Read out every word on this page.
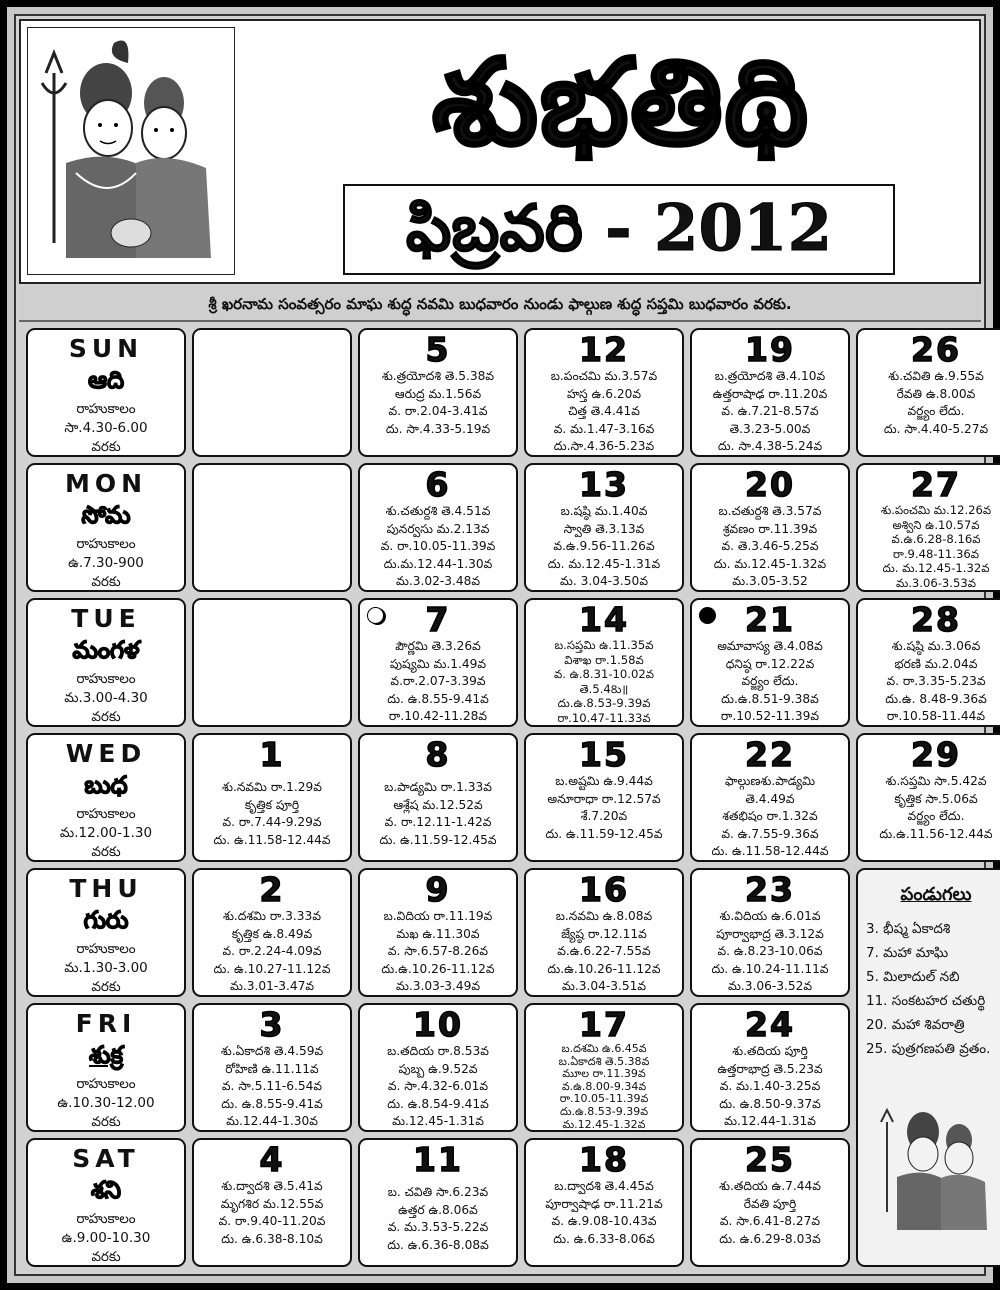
శుభతిథి
ఫిబ్రవరి - 2012
శ్రీ ఖరనామ సంవత్సరం మాఘ శుద్ధ నవమి బుధవారం నుండు ఫాల్గుణ శుద్ధ సప్తమి బుధవారం వరకు.
SUN
ఆది
రాహుకాలం
సా.4.30-6.00
వరకు
5
శు.త్రయోదశి తె.5.38వ
ఆరుద్ర మ.1.56వ
వ. రా.2.04-3.41వ
దు. సా.4.33-5.19వ
12
బ.పంచమి మ.3.57వ
హస్త ఉ.6.20వ
చిత్త తె.4.41వ
వ. మ.1.47-3.16వ
దు.సా.4.36-5.23వ
19
బ.త్రయోదశి తె.4.10వ
ఉత్తరాషాఢ రా.11.20వ
వ. ఉ.7.21-8.57వ
తె.3.23-5.00వ
దు. సా.4.38-5.24వ
26
శు.చవితి ఉ.9.55వ
రేవతి ఉ.8.00వ
వర్జ్యం లేదు.
దు. సా.4.40-5.27వ
MON
సోమ
రాహుకాలం
ఉ.7.30-900
వరకు
6
శు.చతుర్దశి తె.4.51వ
పునర్వసు మ.2.13వ
వ. రా.10.05-11.39వ
దు.మ.12.44-1.30వ
మ.3.02-3.48వ
13
బ.షష్ఠి మ.1.40వ
స్వాతి తె.3.13వ
వ.ఉ.9.56-11.26వ
దు. మ.12.45-1.31వ
మ. 3.04-3.50వ
20
బ.చతుర్దశి తె.3.57వ
శ్రవణం రా.11.39వ
వ. తె.3.46-5.25వ
దు. మ.12.45-1.32వ
మ.3.05-3.52
27
శు.పంచమి మ.12.26వ
అశ్విని ఉ.10.57వ
వ.ఉ.6.28-8.16వ
రా.9.48-11.36వ
దు. మ.12.45-1.32వ
మ.3.06-3.53వ
TUE
మంగళ
రాహుకాలం
మ.3.00-4.30
వరకు
7
పౌర్ణమి తె.3.26వ
పుష్యమి మ.1.49వ
వ.రా.2.07-3.39వ
దు. ఉ.8.55-9.41వ
రా.10.42-11.28వ
14
బ.సప్తమి ఉ.11.35వ
విశాఖ రా.1.58వ
వ. ఉ.8.31-10.02వ
తె.5.48ు॥
దు.ఉ.8.53-9.39వ
రా.10.47-11.33వ
21
అమావాస్య తె.4.08వ
ధనిష్ఠ రా.12.22వ
వర్జ్యం లేదు.
దు.ఉ.8.51-9.38వ
రా.10.52-11.39వ
28
శు.షష్ఠి మ.3.06వ
భరణి మ.2.04వ
వ. రా.3.35-5.23వ
దు.ఉ. 8.48-9.36వ
రా.10.58-11.44వ
WED
బుధ
రాహుకాలం
మ.12.00-1.30
వరకు
1
శు.నవమి రా.1.29వ
కృత్తిక పూర్తి
వ. రా.7.44-9.29వ
దు. ఉ.11.58-12.44వ
8
బ.పాడ్యమి రా.1.33వ
ఆశ్లేష మ.12.52వ
వ. రా.12.11-1.42వ
దు. ఉ.11.59-12.45వ
15
బ.అష్టమి ఉ.9.44వ
అనూరాధా రా.12.57వ
శే.7.20వ
దు. ఉ.11.59-12.45వ
22
ఫాల్గుణశు.పాడ్యమి
తె.4.49వ
శతభిషం రా.1.32వ
వ. ఉ.7.55-9.36వ
దు. ఉ.11.58-12.44వ
29
శు.సప్తమి సా.5.42వ
కృత్తిక సా.5.06వ
వర్జ్యం లేదు.
దు.ఉ.11.56-12.44వ
THU
గురు
రాహుకాలం
మ.1.30-3.00
వరకు
2
శు.దశమి రా.3.33వ
కృత్తిక ఉ.8.49వ
వ. రా.2.24-4.09వ
దు. ఉ.10.27-11.12వ
మ.3.01-3.47వ
9
బ.విదియ రా.11.19వ
మఖ ఉ.11.30వ
వ. సా.6.57-8.26వ
దు.ఉ.10.26-11.12వ
మ.3.03-3.49వ
16
బ.నవమి ఉ.8.08వ
జ్యేష్ఠ రా.12.11వ
వ.ఉ.6.22-7.55వ
దు.ఉ.10.26-11.12వ
మ.3.04-3.51వ
23
శు.విదియ ఉ.6.01వ
పూర్వాభాద్ర తె.3.12వ
వ. ఉ.8.23-10.06వ
దు. ఉ.10.24-11.11వ
మ.3.06-3.52వ
పండుగలు
3. భీష్మ ఏకాదశి
7. మహా మాఘి
5. మిలాదుల్ నబి
11. సంకటహర చతుర్థి
20. మహా శివరాత్రి
25. పుత్రగణపతి వ్రతం.
FRI
శుక్ర
రాహుకాలం
ఉ.10.30-12.00
వరకు
3
శు.ఏకాదశి తె.4.59వ
రోహిణి ఉ.11.11వ
వ. సా.5.11-6.54వ
దు. ఉ.8.55-9.41వ
మ.12.44-1.30వ
10
బ.తదియ రా.8.53వ
పుబ్బ ఉ.9.52వ
వ. సా.4.32-6.01వ
దు. ఉ.8.54-9.41వ
మ.12.45-1.31వ
17
బ.దశమి ఉ.6.45వ
బ.ఏకాదశి తె.5.38వ
మూల రా.11.39వ
వ.ఉ.8.00-9.34వ
రా.10.05-11.39వ
దు.ఉ.8.53-9.39వ
మ.12.45-1.32వ
24
శు.తదియ పూర్తి
ఉత్తరాభాద్ర తె.5.23వ
వ. మ.1.40-3.25వ
దు. ఉ.8.50-9.37వ
మ.12.44-1.31వ
SAT
శని
రాహుకాలం
ఉ.9.00-10.30
వరకు
4
శు.ద్వాదశి తె.5.41వ
మృగశిర మ.12.55వ
వ. రా.9.40-11.20వ
దు. ఉ.6.38-8.10వ
11
బ. చవితి సా.6.23వ
ఉత్తర ఉ.8.06వ
వ. మ.3.53-5.22వ
దు. ఉ.6.36-8.08వ
18
బ.ద్వాదశి తె.4.45వ
పూర్వాషాఢ రా.11.21వ
వ. ఉ.9.08-10.43వ
దు. ఉ.6.33-8.06వ
25
శు.తదియ ఉ.7.44వ
రేవతి పూర్తి
వ. సా.6.41-8.27వ
దు. ఉ.6.29-8.03వ
